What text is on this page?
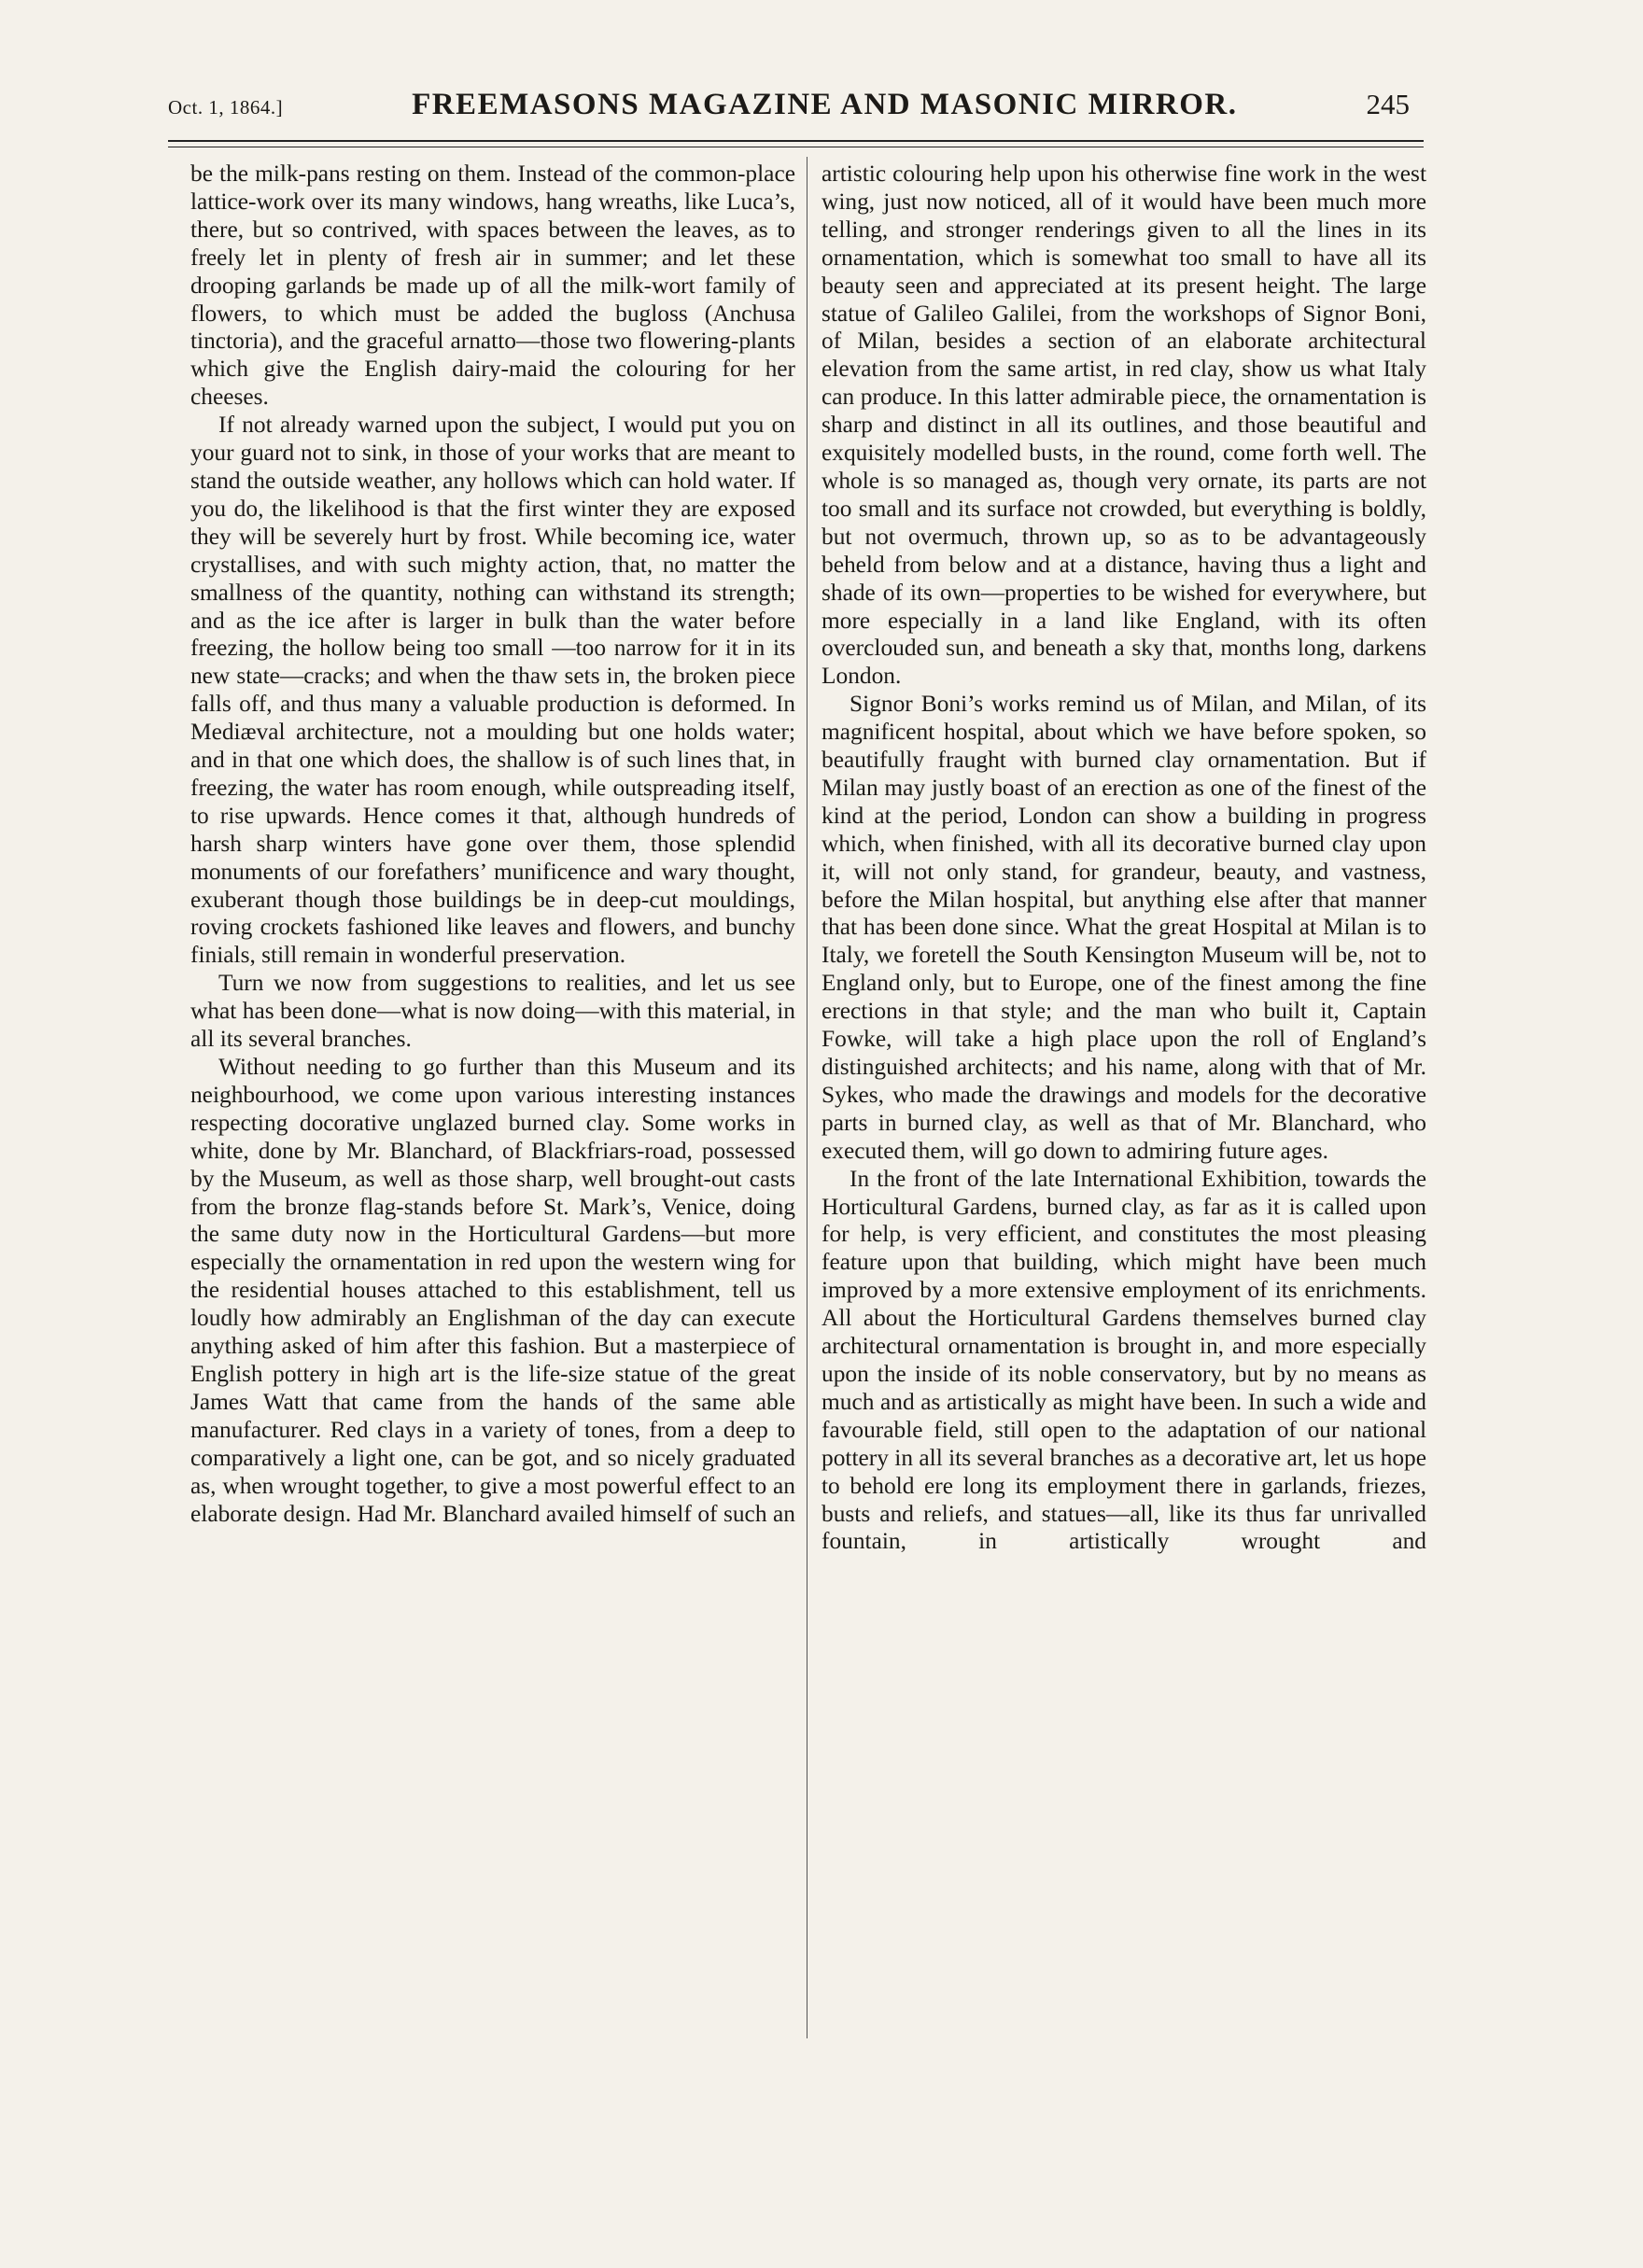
Oct. 1, 1864.]	FREEMASONS MAGAZINE AND MASONIC MIRROR.	245

be the milk-pans resting on them. Instead of the common-place lattice-work over its many windows, hang wreaths, like Luca’s, there, but so contrived, with spaces between the leaves, as to freely let in plenty of fresh air in summer; and let these drooping garlands be made up of all the milk-wort family of flowers, to which must be added the bugloss (Anchusa tinctoria), and the graceful arnatto—those two flowering-plants which give the English dairy-maid the colouring for her cheeses.

If not already warned upon the subject, I would put you on your guard not to sink, in those of your works that are meant to stand the outside weather, any hollows which can hold water. If you do, the likelihood is that the first winter they are exposed they will be severely hurt by frost. While becoming ice, water crystallises, and with such mighty action, that, no matter the smallness of the quantity, nothing can withstand its strength; and as the ice after is larger in bulk than the water before freezing, the hollow being too small —too narrow for it in its new state—cracks; and when the thaw sets in, the broken piece falls off, and thus many a valuable production is deformed. In Mediæval architecture, not a moulding but one holds water; and in that one which does, the shallow is of such lines that, in freezing, the water has room enough, while outspreading itself, to rise upwards. Hence comes it that, although hundreds of harsh sharp winters have gone over them, those splendid monuments of our forefathers’ munificence and wary thought, exuberant though those buildings be in deep-cut mouldings, roving crockets fashioned like leaves and flowers, and bunchy finials, still remain in wonderful preservation.

Turn we now from suggestions to realities, and let us see what has been done—what is now doing—with this material, in all its several branches.

Without needing to go further than this Museum and its neighbourhood, we come upon various interesting instances respecting docorative unglazed burned clay. Some works in white, done by Mr. Blanchard, of Blackfriars-road, possessed by the Museum, as well as those sharp, well brought-out casts from the bronze flag-stands before St. Mark’s, Venice, doing the same duty now in the Horticultural Gardens—but more especially the ornamentation in red upon the western wing for the residential houses attached to this establishment, tell us loudly how admirably an Englishman of the day can execute anything asked of him after this fashion. But a masterpiece of English pottery in high art is the life-size statue of the great James Watt that came from the hands of the same able manufacturer. Red clays in a variety of tones, from a deep to comparatively a light one, can be got, and so nicely graduated as, when wrought together, to give a most powerful effect to an elaborate design. Had Mr. Blanchard availed himself of such an

artistic colouring help upon his otherwise fine work in the west wing, just now noticed, all of it would have been much more telling, and stronger renderings given to all the lines in its ornamentation, which is somewhat too small to have all its beauty seen and appreciated at its present height. The large statue of Galileo Galilei, from the workshops of Signor Boni, of Milan, besides a section of an elaborate architectural elevation from the same artist, in red clay, show us what Italy can produce. In this latter admirable piece, the ornamentation is sharp and distinct in all its outlines, and those beautiful and exquisitely modelled busts, in the round, come forth well. The whole is so managed as, though very ornate, its parts are not too small and its surface not crowded, but everything is boldly, but not overmuch, thrown up, so as to be advantageously beheld from below and at a distance, having thus a light and shade of its own—properties to be wished for everywhere, but more especially in a land like England, with its often overclouded sun, and beneath a sky that, months long, darkens London.

Signor Boni’s works remind us of Milan, and Milan, of its magnificent hospital, about which we have before spoken, so beautifully fraught with burned clay ornamentation. But if Milan may justly boast of an erection as one of the finest of the kind at the period, London can show a building in progress which, when finished, with all its decorative burned clay upon it, will not only stand, for grandeur, beauty, and vastness, before the Milan hospital, but anything else after that manner that has been done since. What the great Hospital at Milan is to Italy, we foretell the South Kensington Museum will be, not to England only, but to Europe, one of the finest among the fine erections in that style; and the man who built it, Captain Fowke, will take a high place upon the roll of England’s distinguished architects; and his name, along with that of Mr. Sykes, who made the drawings and models for the decorative parts in burned clay, as well as that of Mr. Blanchard, who executed them, will go down to admiring future ages.

In the front of the late International Exhibition, towards the Horticultural Gardens, burned clay, as far as it is called upon for help, is very efficient, and constitutes the most pleasing feature upon that building, which might have been much improved by a more extensive employment of its enrichments. All about the Horticultural Gardens themselves burned clay architectural ornamentation is brought in, and more especially upon the inside of its noble conservatory, but by no means as much and as artistically as might have been. In such a wide and favourable field, still open to the adaptation of our national pottery in all its several branches as a decorative art, let us hope to behold ere long its employment there in garlands, friezes, busts and reliefs, and statues—all, like its thus far unrivalled fountain, in artistically wrought and
